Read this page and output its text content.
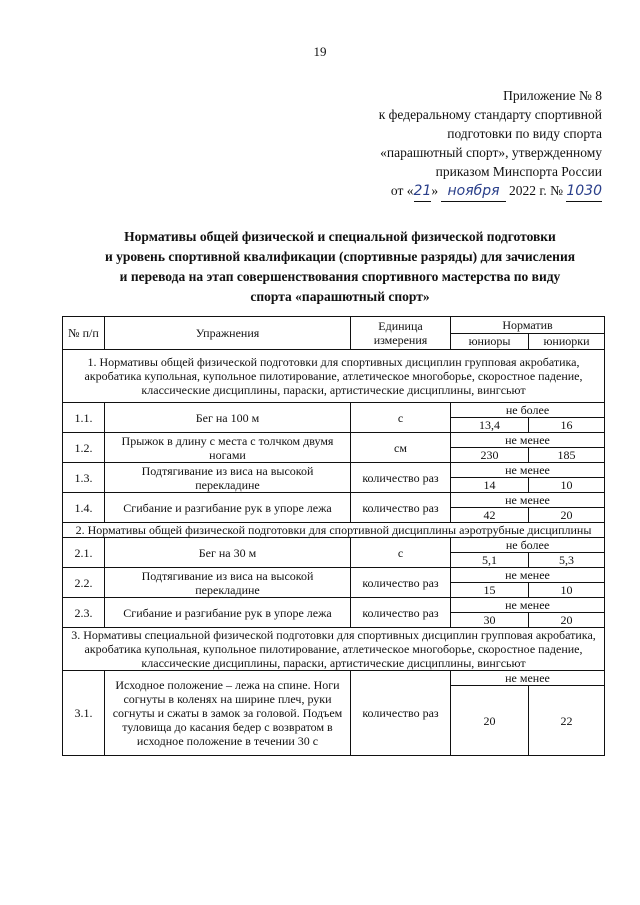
19
Приложение № 8
к федеральному стандарту спортивной
подготовки по виду спорта
«парашютный спорт», утвержденному
приказом Минспорта России
от «21» ноября 2022 г. № 1030
Нормативы общей физической и специальной физической подготовки
и уровень спортивной квалификации (спортивные разряды) для зачисления
и перевода на этап совершенствования спортивного мастерства по виду
спорта «парашютный спорт»
№ п/п	Упражнения	Единица измерения	Норматив	
			юниоры	юниорки
1. Нормативы общей физической подготовки для спортивных дисциплин групповая акробатика, акробатика купольная, купольное пилотирование, атлетическое многоборье, скоростное падение, классические дисциплины, параски, артистические дисциплины, вингсьют				
1.1.	Бег на 100 м	с	не более	
			13,4	16
1.2.	Прыжок в длину с места с толчком двумя ногами	см	не менее	
			230	185
1.3.	Подтягивание из виса на высокой перекладине	количество раз	не менее	
			14	10
1.4.	Сгибание и разгибание рук в упоре лежа	количество раз	не менее	
			42	20
2. Нормативы общей физической подготовки для спортивной дисциплины аэротрубные дисциплины				
2.1.	Бег на 30 м	с	не более	
			5,1	5,3
2.2.	Подтягивание из виса на высокой перекладине	количество раз	не менее	
			15	10
2.3.	Сгибание и разгибание рук в упоре лежа	количество раз	не менее	
			30	20
3. Нормативы специальной физической подготовки для спортивных дисциплин групповая акробатика, акробатика купольная, купольное пилотирование, атлетическое многоборье, скоростное падение, классические дисциплины, параски, артистические дисциплины, вингсьют				
3.1.	Исходное положение – лежа на спине. Ноги согнуты в коленях на ширине плеч, руки согнуты и сжаты в замок за головой. Подъем туловища до касания бедер с возвратом в исходное положение в течении 30 с	количество раз	не менее	
			20	22
